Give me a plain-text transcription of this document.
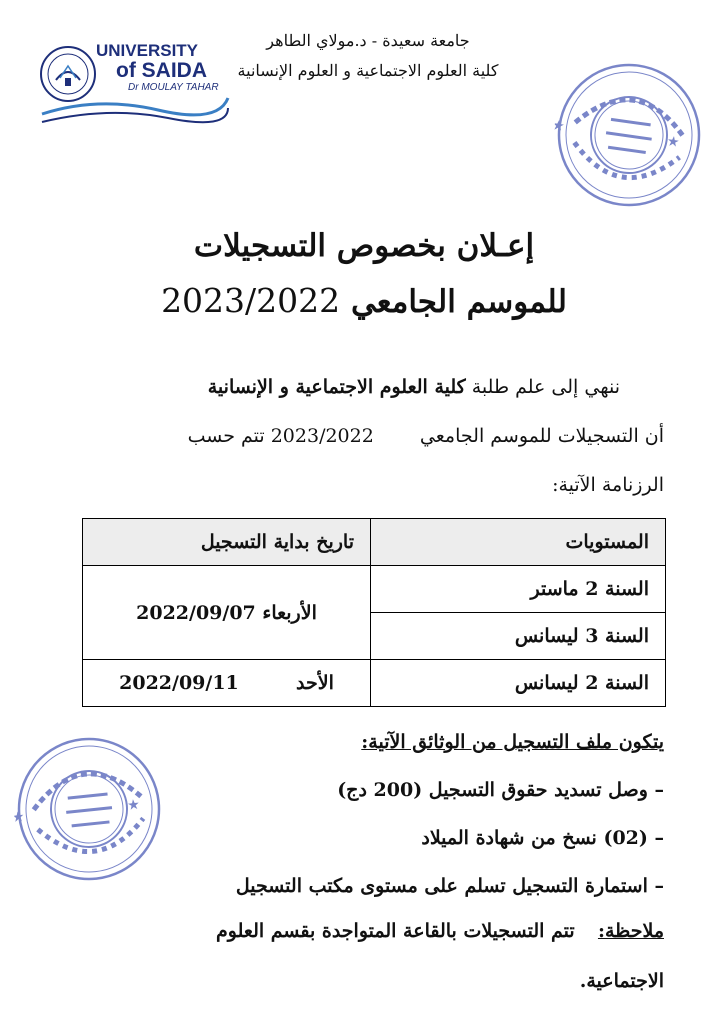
جامعة سعيدة - د.مولاي الطاهر
كلية العلوم الاجتماعية و العلوم الإنسانية
UNIVERSITY
of SAIDA
Dr MOULAY TAHAR
★
★
إعـلان بخصوص التسجيلات
للموسم الجامعي 2023/2022

ننهي إلى علم طلبة كلية العلوم الاجتماعية و الإنسانية

أن التسجيلات للموسم الجامعي  2023/2022 تتم حسب

الرزنامة الآتية:

المستويات	تاريخ بداية التسجيل
السنة 2 ماستر	الأربعاء 2022/09/07
السنة 3 ليسانس	
السنة 2 ليسانس	الأحد  2022/09/11
★
★

يتكون ملف التسجيل من الوثائق الآتية:

– وصل تسديد حقوق التسجيل (200 دج)

– (02) نسخ من شهادة الميلاد

– استمارة التسجيل تسلم على مستوى مكتب التسجيل

ملاحظة:  تتم التسجيلات بالقاعة المتواجدة بقسم العلوم

الاجتماعية.
